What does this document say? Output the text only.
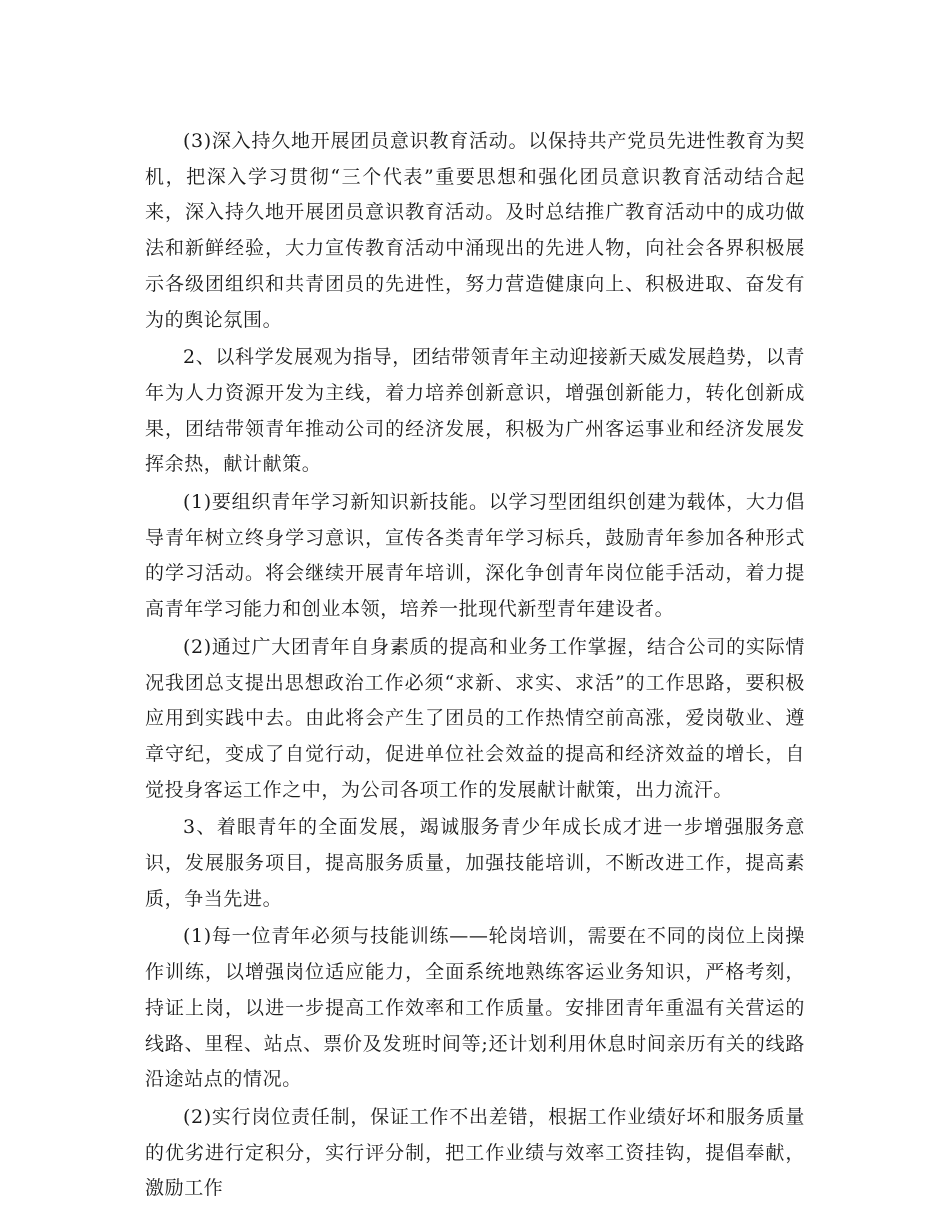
(3)深入持久地开展团员意识教育活动。以保持共产党员先进性教育为契机，把深入学习贯彻“三个代表”重要思想和强化团员意识教育活动结合起来，深入持久地开展团员意识教育活动。及时总结推广教育活动中的成功做法和新鲜经验，大力宣传教育活动中涌现出的先进人物，向社会各界积极展示各级团组织和共青团员的先进性，努力营造健康向上、积极进取、奋发有为的舆论氛围。

2、以科学发展观为指导，团结带领青年主动迎接新天威发展趋势，以青年为人力资源开发为主线，着力培养创新意识，增强创新能力，转化创新成果，团结带领青年推动公司的经济发展，积极为广州客运事业和经济发展发挥余热，献计献策。

(1)要组织青年学习新知识新技能。以学习型团组织创建为载体，大力倡导青年树立终身学习意识，宣传各类青年学习标兵，鼓励青年参加各种形式的学习活动。将会继续开展青年培训，深化争创青年岗位能手活动，着力提高青年学习能力和创业本领，培养一批现代新型青年建设者。

(2)通过广大团青年自身素质的提高和业务工作掌握，结合公司的实际情况我团总支提出思想政治工作必须“求新、求实、求活”的工作思路，要积极应用到实践中去。由此将会产生了团员的工作热情空前高涨，爱岗敬业、遵章守纪，变成了自觉行动，促进单位社会效益的提高和经济效益的增长，自觉投身客运工作之中，为公司各项工作的发展献计献策，出力流汗。

3、着眼青年的全面发展，竭诚服务青少年成长成才进一步增强服务意识，发展服务项目，提高服务质量，加强技能培训，不断改进工作，提高素质，争当先进。

(1)每一位青年必须与技能训练——轮岗培训，需要在不同的岗位上岗操作训练，以增强岗位适应能力，全面系统地熟练客运业务知识，严格考刻，持证上岗，以进一步提高工作效率和工作质量。安排团青年重温有关营运的线路、里程、站点、票价及发班时间等;还计划利用休息时间亲历有关的线路沿途站点的情况。

(2)实行岗位责任制，保证工作不出差错，根据工作业绩好坏和服务质量的优劣进行定积分，实行评分制，把工作业绩与效率工资挂钩，提倡奉献，激励工作
